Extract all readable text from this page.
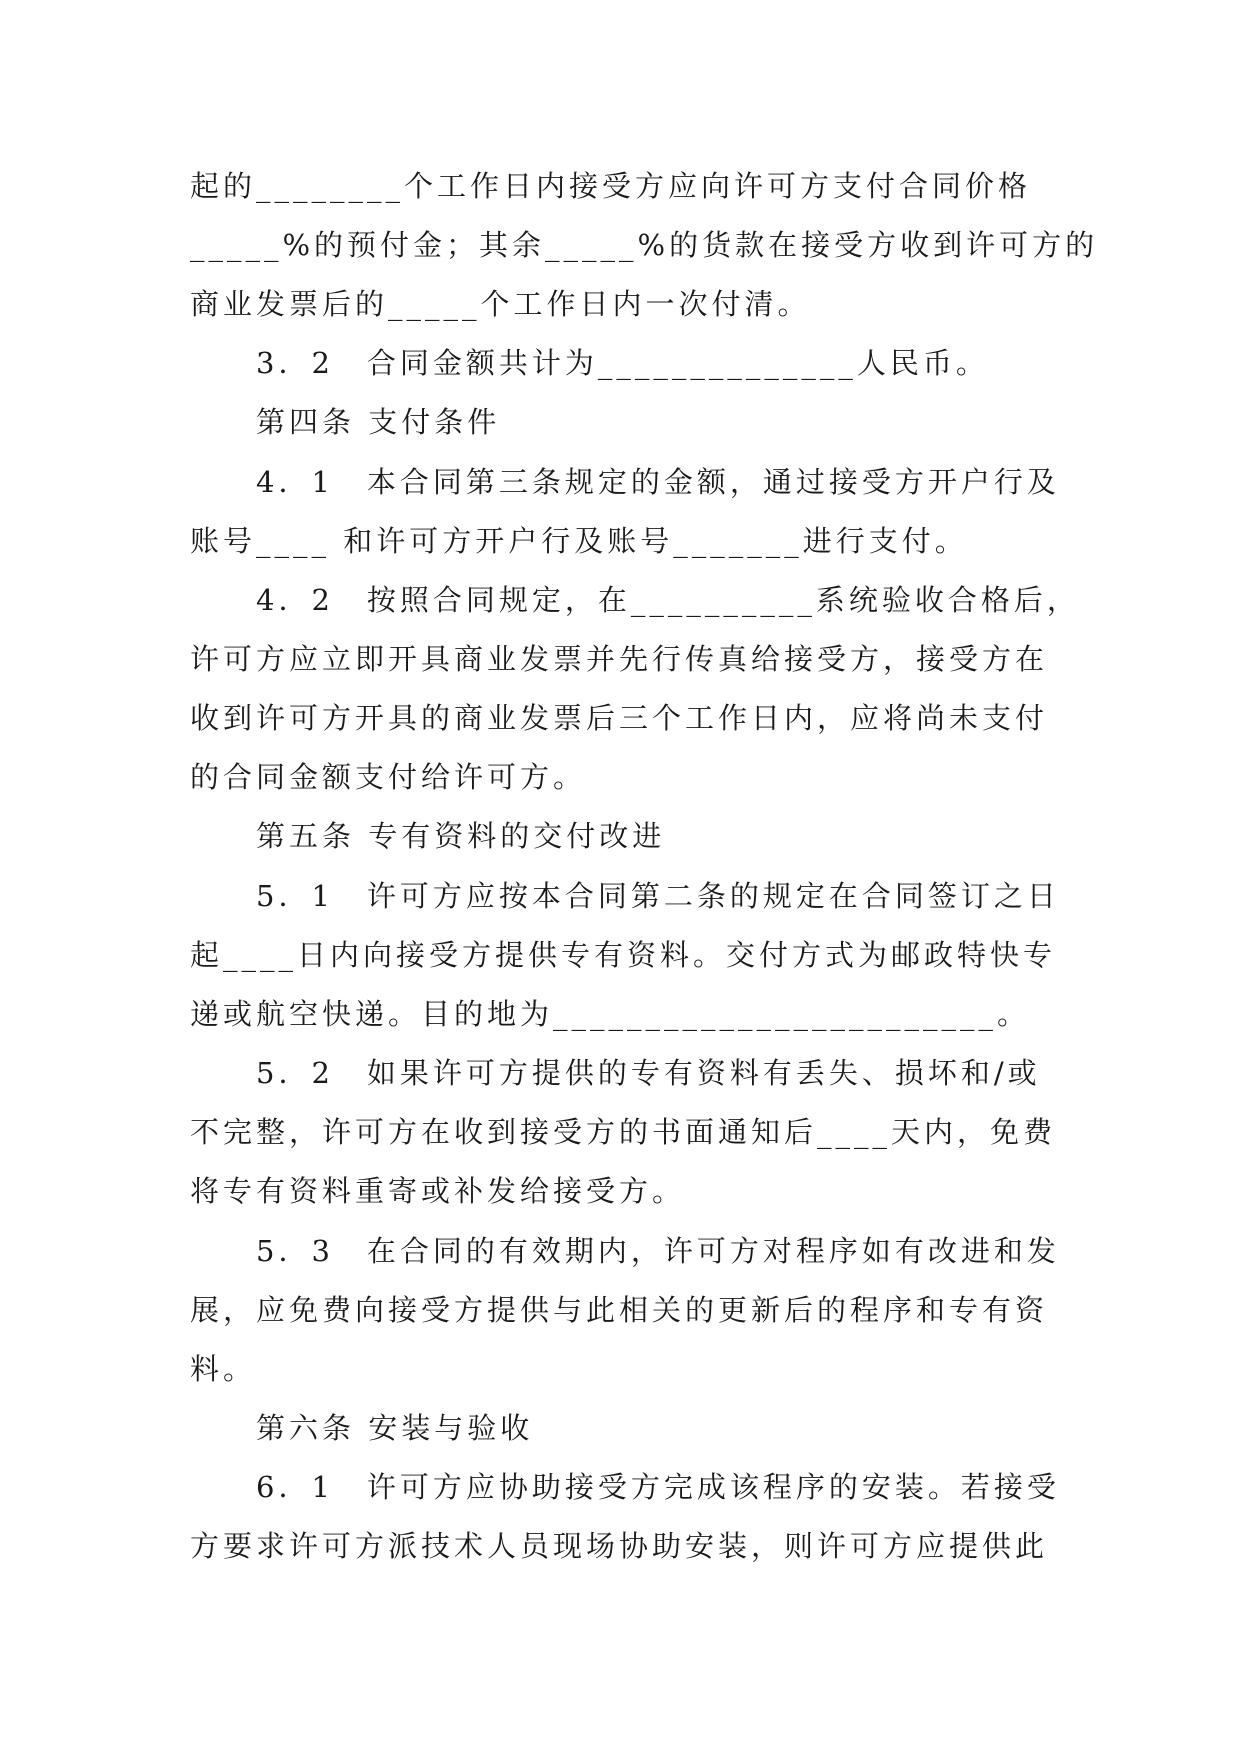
起的________个工作日内接受方应向许可方支付合同价格
_____%的预付金；其余_____%的货款在接受方收到许可方的
商业发票后的_____个工作日内一次付清。
3．2　合同金额共计为______________人民币。
第四条 支付条件
4．1　本合同第三条规定的金额，通过接受方开户行及
账号____ 和许可方开户行及账号_______进行支付。
4．2　按照合同规定，在__________系统验收合格后，
许可方应立即开具商业发票并先行传真给接受方，接受方在
收到许可方开具的商业发票后三个工作日内，应将尚未支付
的合同金额支付给许可方。
第五条 专有资料的交付改进
5．1　许可方应按本合同第二条的规定在合同签订之日
起____日内向接受方提供专有资料。交付方式为邮政特快专
递或航空快递。目的地为________________________。
5．2　如果许可方提供的专有资料有丢失、损坏和/或
不完整，许可方在收到接受方的书面通知后____天内，免费
将专有资料重寄或补发给接受方。
5．3　在合同的有效期内，许可方对程序如有改进和发
展，应免费向接受方提供与此相关的更新后的程序和专有资
料。
第六条 安装与验收
6．1　许可方应协助接受方完成该程序的安装。若接受
方要求许可方派技术人员现场协助安装，则许可方应提供此
